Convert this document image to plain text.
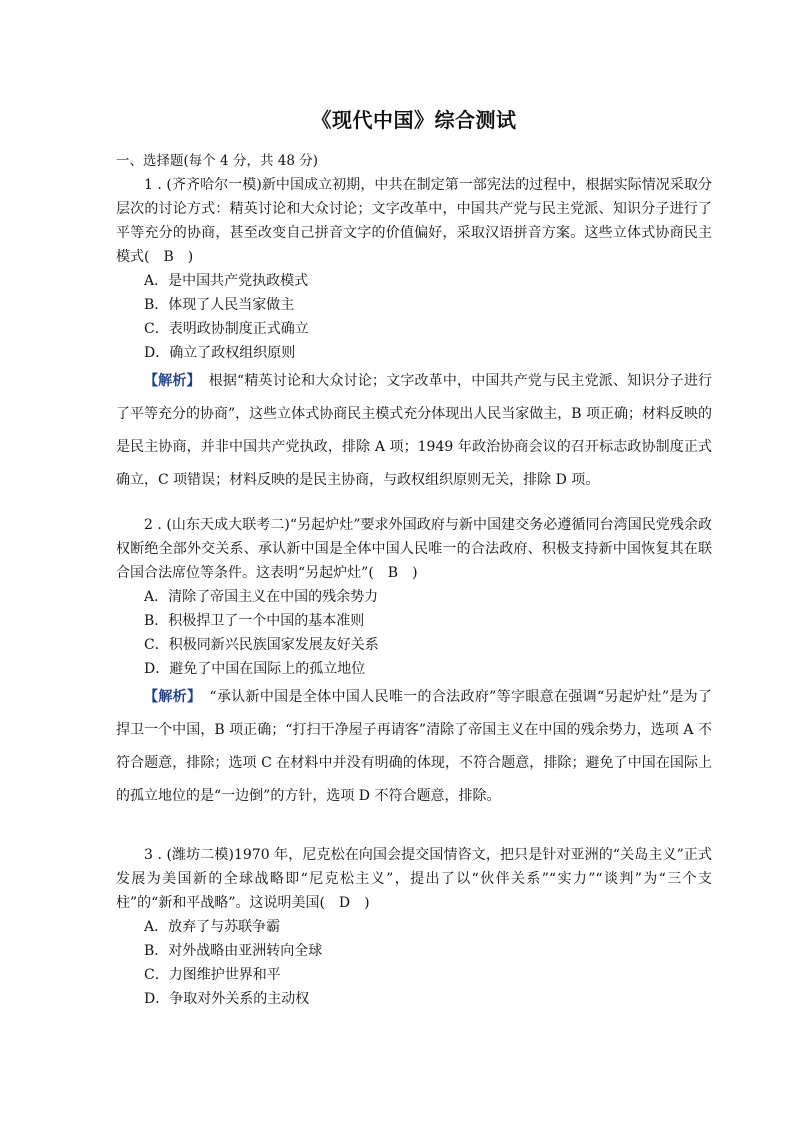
《现代中国》综合测试
一、选择题(每个 4 分，共 48 分)

1 . (齐齐哈尔一模)新中国成立初期，中共在制定第一部宪法的过程中，根据实际情况采取分层次的讨论方式：精英讨论和大众讨论；文字改革中，中国共产党与民主党派、知识分子进行了平等充分的协商，甚至改变自己拼音文字的价值偏好，采取汉语拼音方案。这些立体式协商民主模式(　B　)

A．是中国共产党执政模式

B．体现了人民当家做主

C．表明政协制度正式确立

D．确立了政权组织原则

【解析】 根据“精英讨论和大众讨论；文字改革中，中国共产党与民主党派、知识分子进行了平等充分的协商”，这些立体式协商民主模式充分体现出人民当家做主，B 项正确；材料反映的是民主协商，并非中国共产党执政，排除 A 项；1949 年政治协商会议的召开标志政协制度正式确立，C 项错误；材料反映的是民主协商，与政权组织原则无关，排除 D 项。

2 . (山东天成大联考二)“另起炉灶”要求外国政府与新中国建交务必遵循同台湾国民党残余政权断绝全部外交关系、承认新中国是全体中国人民唯一的合法政府、积极支持新中国恢复其在联合国合法席位等条件。这表明“另起炉灶”(　B　)

A．清除了帝国主义在中国的残余势力

B．积极捍卫了一个中国的基本准则

C．积极同新兴民族国家发展友好关系

D．避免了中国在国际上的孤立地位

【解析】 “承认新中国是全体中国人民唯一的合法政府”等字眼意在强调“另起炉灶”是为了捍卫一个中国，B 项正确；“打扫干净屋子再请客”清除了帝国主义在中国的残余势力，选项 A 不符合题意，排除；选项 C 在材料中并没有明确的体现，不符合题意，排除；避免了中国在国际上的孤立地位的是“一边倒”的方针，选项 D 不符合题意，排除。

3 . (潍坊二模)1970 年，尼克松在向国会提交国情咨文，把只是针对亚洲的“关岛主义”正式发展为美国新的全球战略即“尼克松主义”，提出了以“伙伴关系”“实力”“谈判”为“三个支柱”的“新和平战略”。这说明美国(　D　)

A．放弃了与苏联争霸

B．对外战略由亚洲转向全球

C．力图维护世界和平

D．争取对外关系的主动权
